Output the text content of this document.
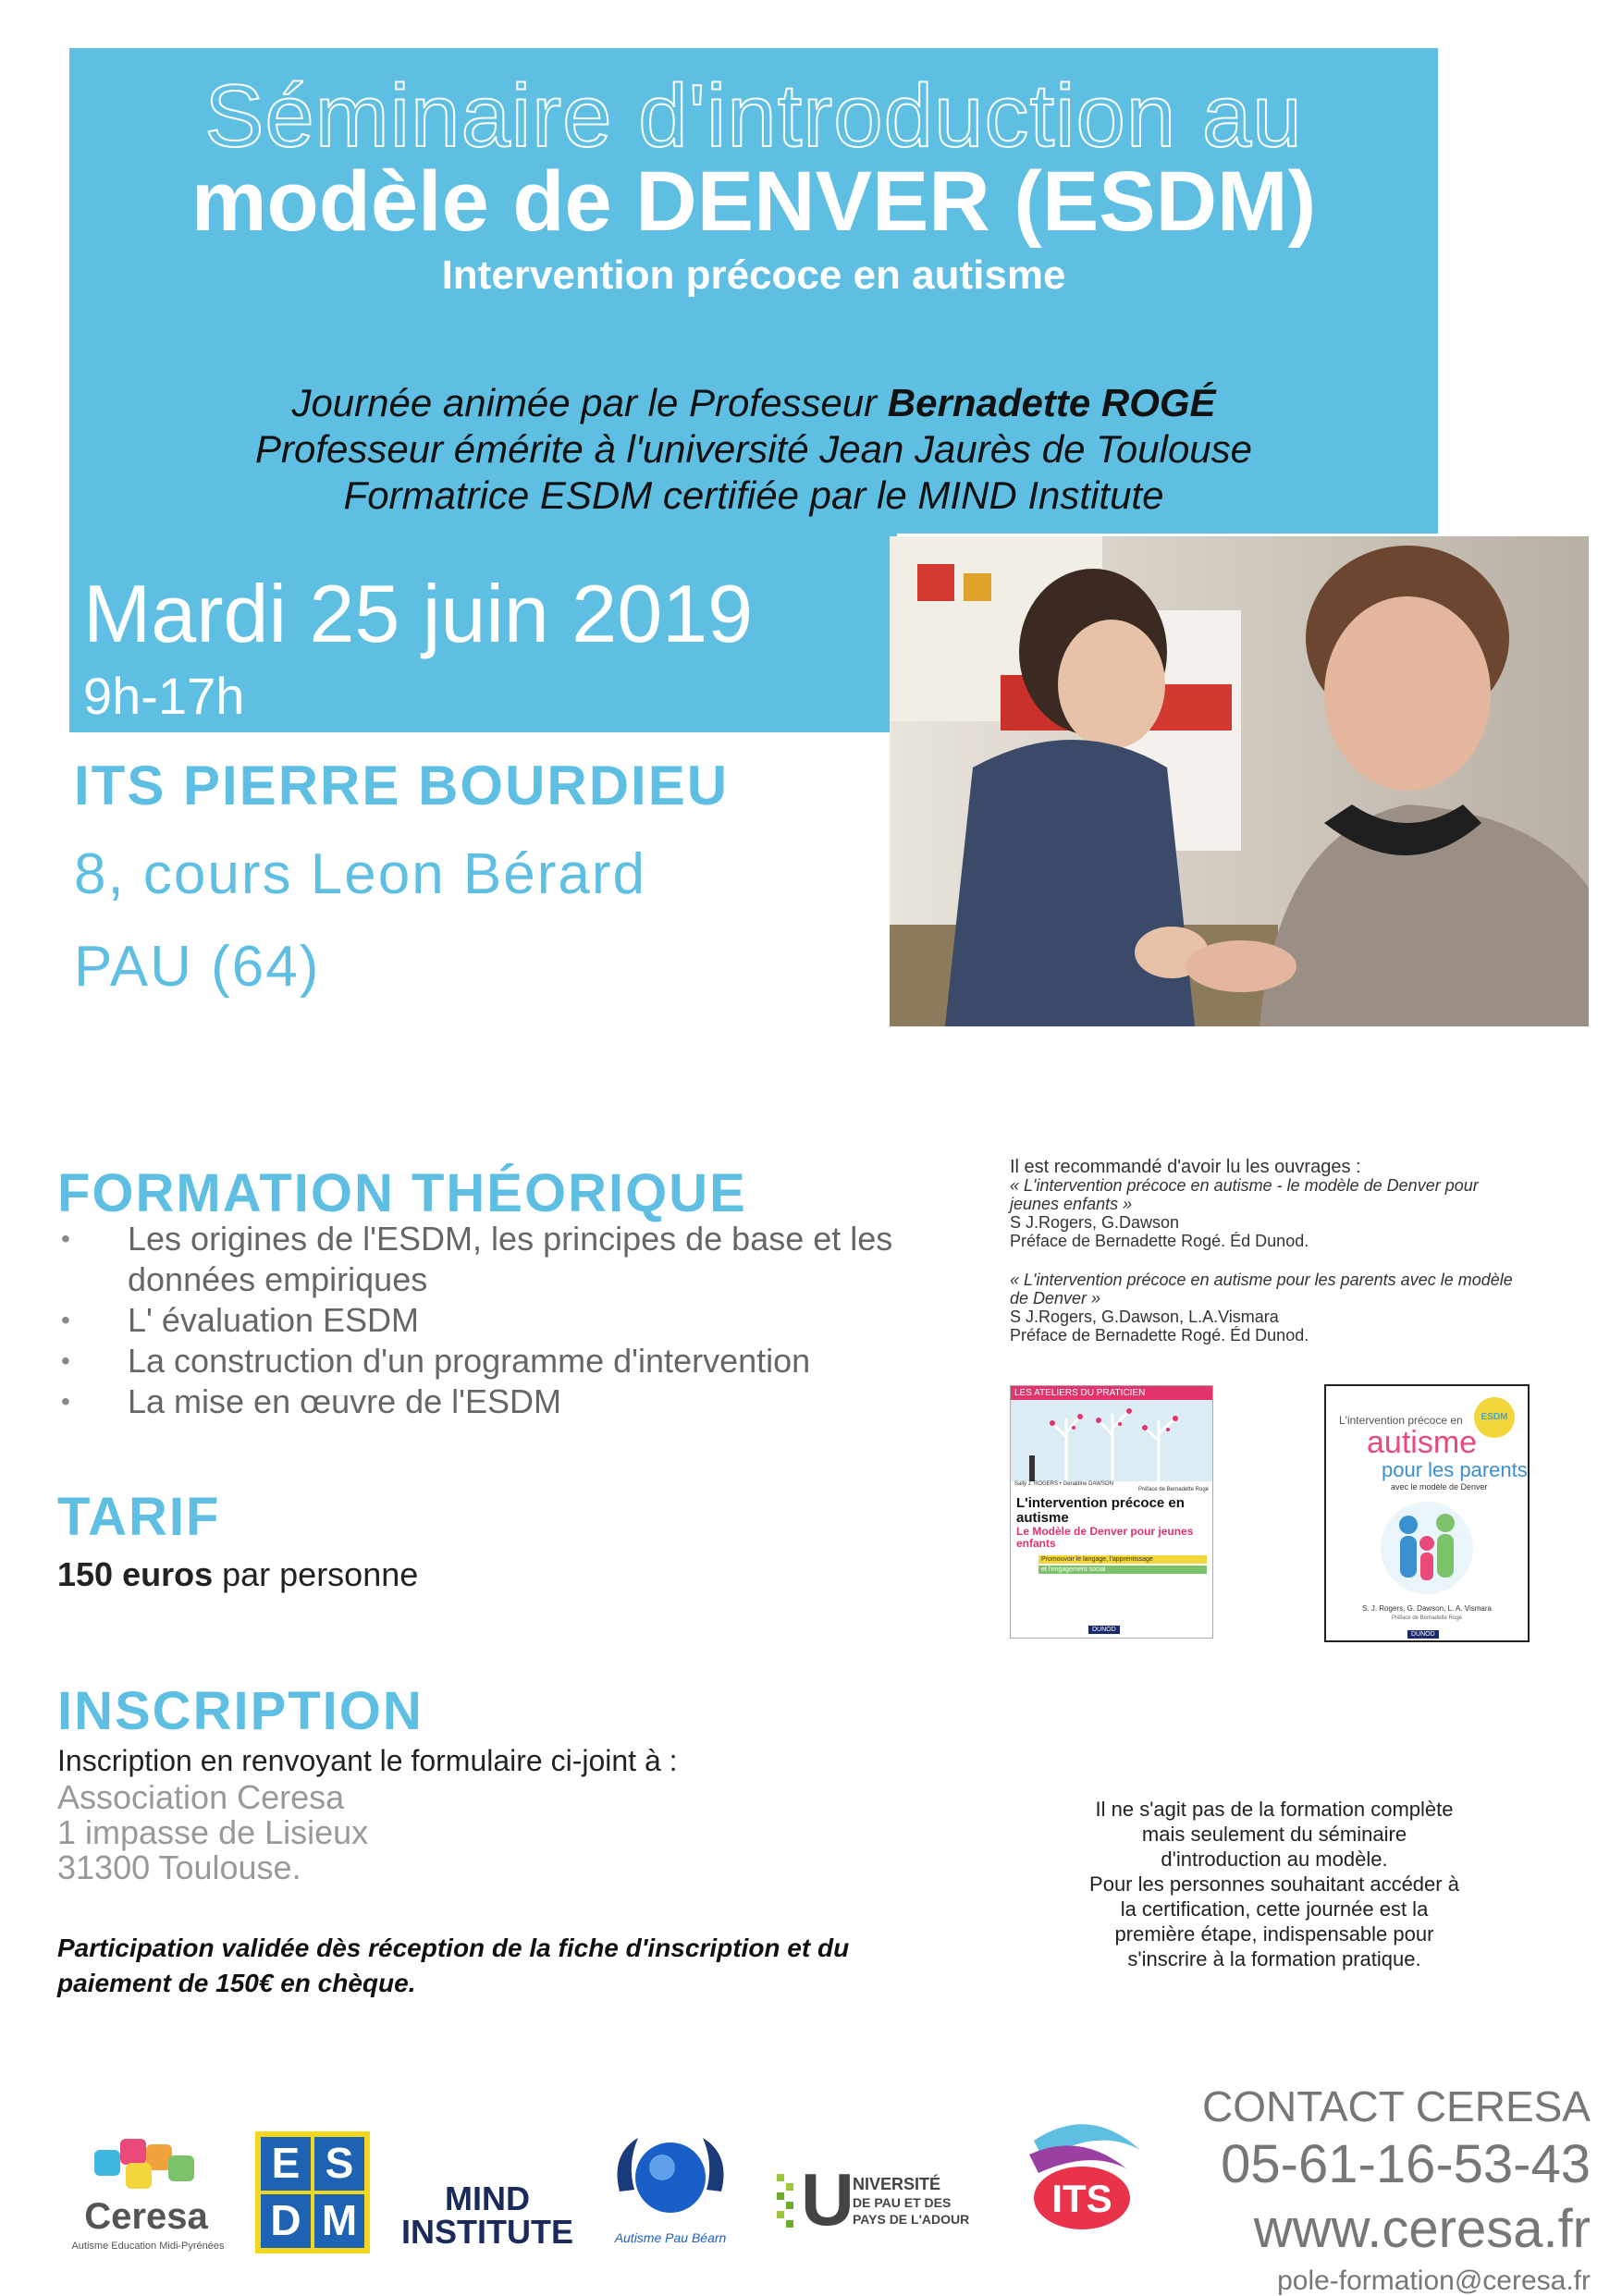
Séminaire d'introduction au
modèle de DENVER (ESDM)
Intervention précoce en autisme
Journée animée par le Professeur Bernadette ROGÉ
Professeur émérite à l'université Jean Jaurès de Toulouse
Formatrice ESDM certifiée par le MIND Institute
Mardi 25 juin 2019
9h-17h
ITS PIERRE BOURDIEU
8, cours Leon Bérard
PAU (64)
FORMATION THÉORIQUE
• Les origines de l'ESDM, les principes de base et les données empiriques
• L' évaluation ESDM
• La construction d'un programme d'intervention
• La mise en œuvre de l'ESDM
TARIF
150 euros par personne
INSCRIPTION
Inscription en renvoyant le formulaire ci-joint à :
Association Ceresa
1 impasse de Lisieux
31300 Toulouse.
Participation validée dès réception de la fiche d'inscription et du paiement de 150€ en chèque.
Il est recommandé d'avoir lu les ouvrages :
« L'intervention précoce en autisme - le modèle de Denver pour jeunes enfants »
S J.Rogers, G.Dawson
Préface de Bernadette Rogé. Éd Dunod.
« L'intervention précoce en autisme pour les parents avec le modèle de Denver »
S J.Rogers, G.Dawson, L.A.Vismara
Préface de Bernadette Rogé. Éd Dunod.
LES ATELIERS DU PRATICIEN
Sally J. ROGERS • Geraldine DAWSON
Préface de Bernadette Rogé
L'intervention précoce en autisme
Le Modèle de Denver pour jeunes enfants
Promouvoir le langage, l'apprentissage
et l'engagement social
DUNOD
ESDM
L'intervention précoce en
autisme
pour les parents
avec le modèle de Denver
S. J. Rogers, G. Dawson, L. A. Vismara
Préface de Bernadette Rogé
DUNOD
Il ne s'agit pas de la formation complète
mais seulement du séminaire
d'introduction au modèle.
Pour les personnes souhaitant accéder à
la certification, cette journée est la
première étape, indispensable pour
s'inscrire à la formation pratique.
Ceresa
Autisme Education Midi-Pyrénées
E S
D M	MIND
INSTITUTE	Autisme Pau Béarn U
NIVERSITÉ
DE PAU ET DES
PAYS DE L'ADOUR	ITS
CONTACT CERESA
05-61-16-53-43
www.ceresa.fr
pole-formation@ceresa.fr
